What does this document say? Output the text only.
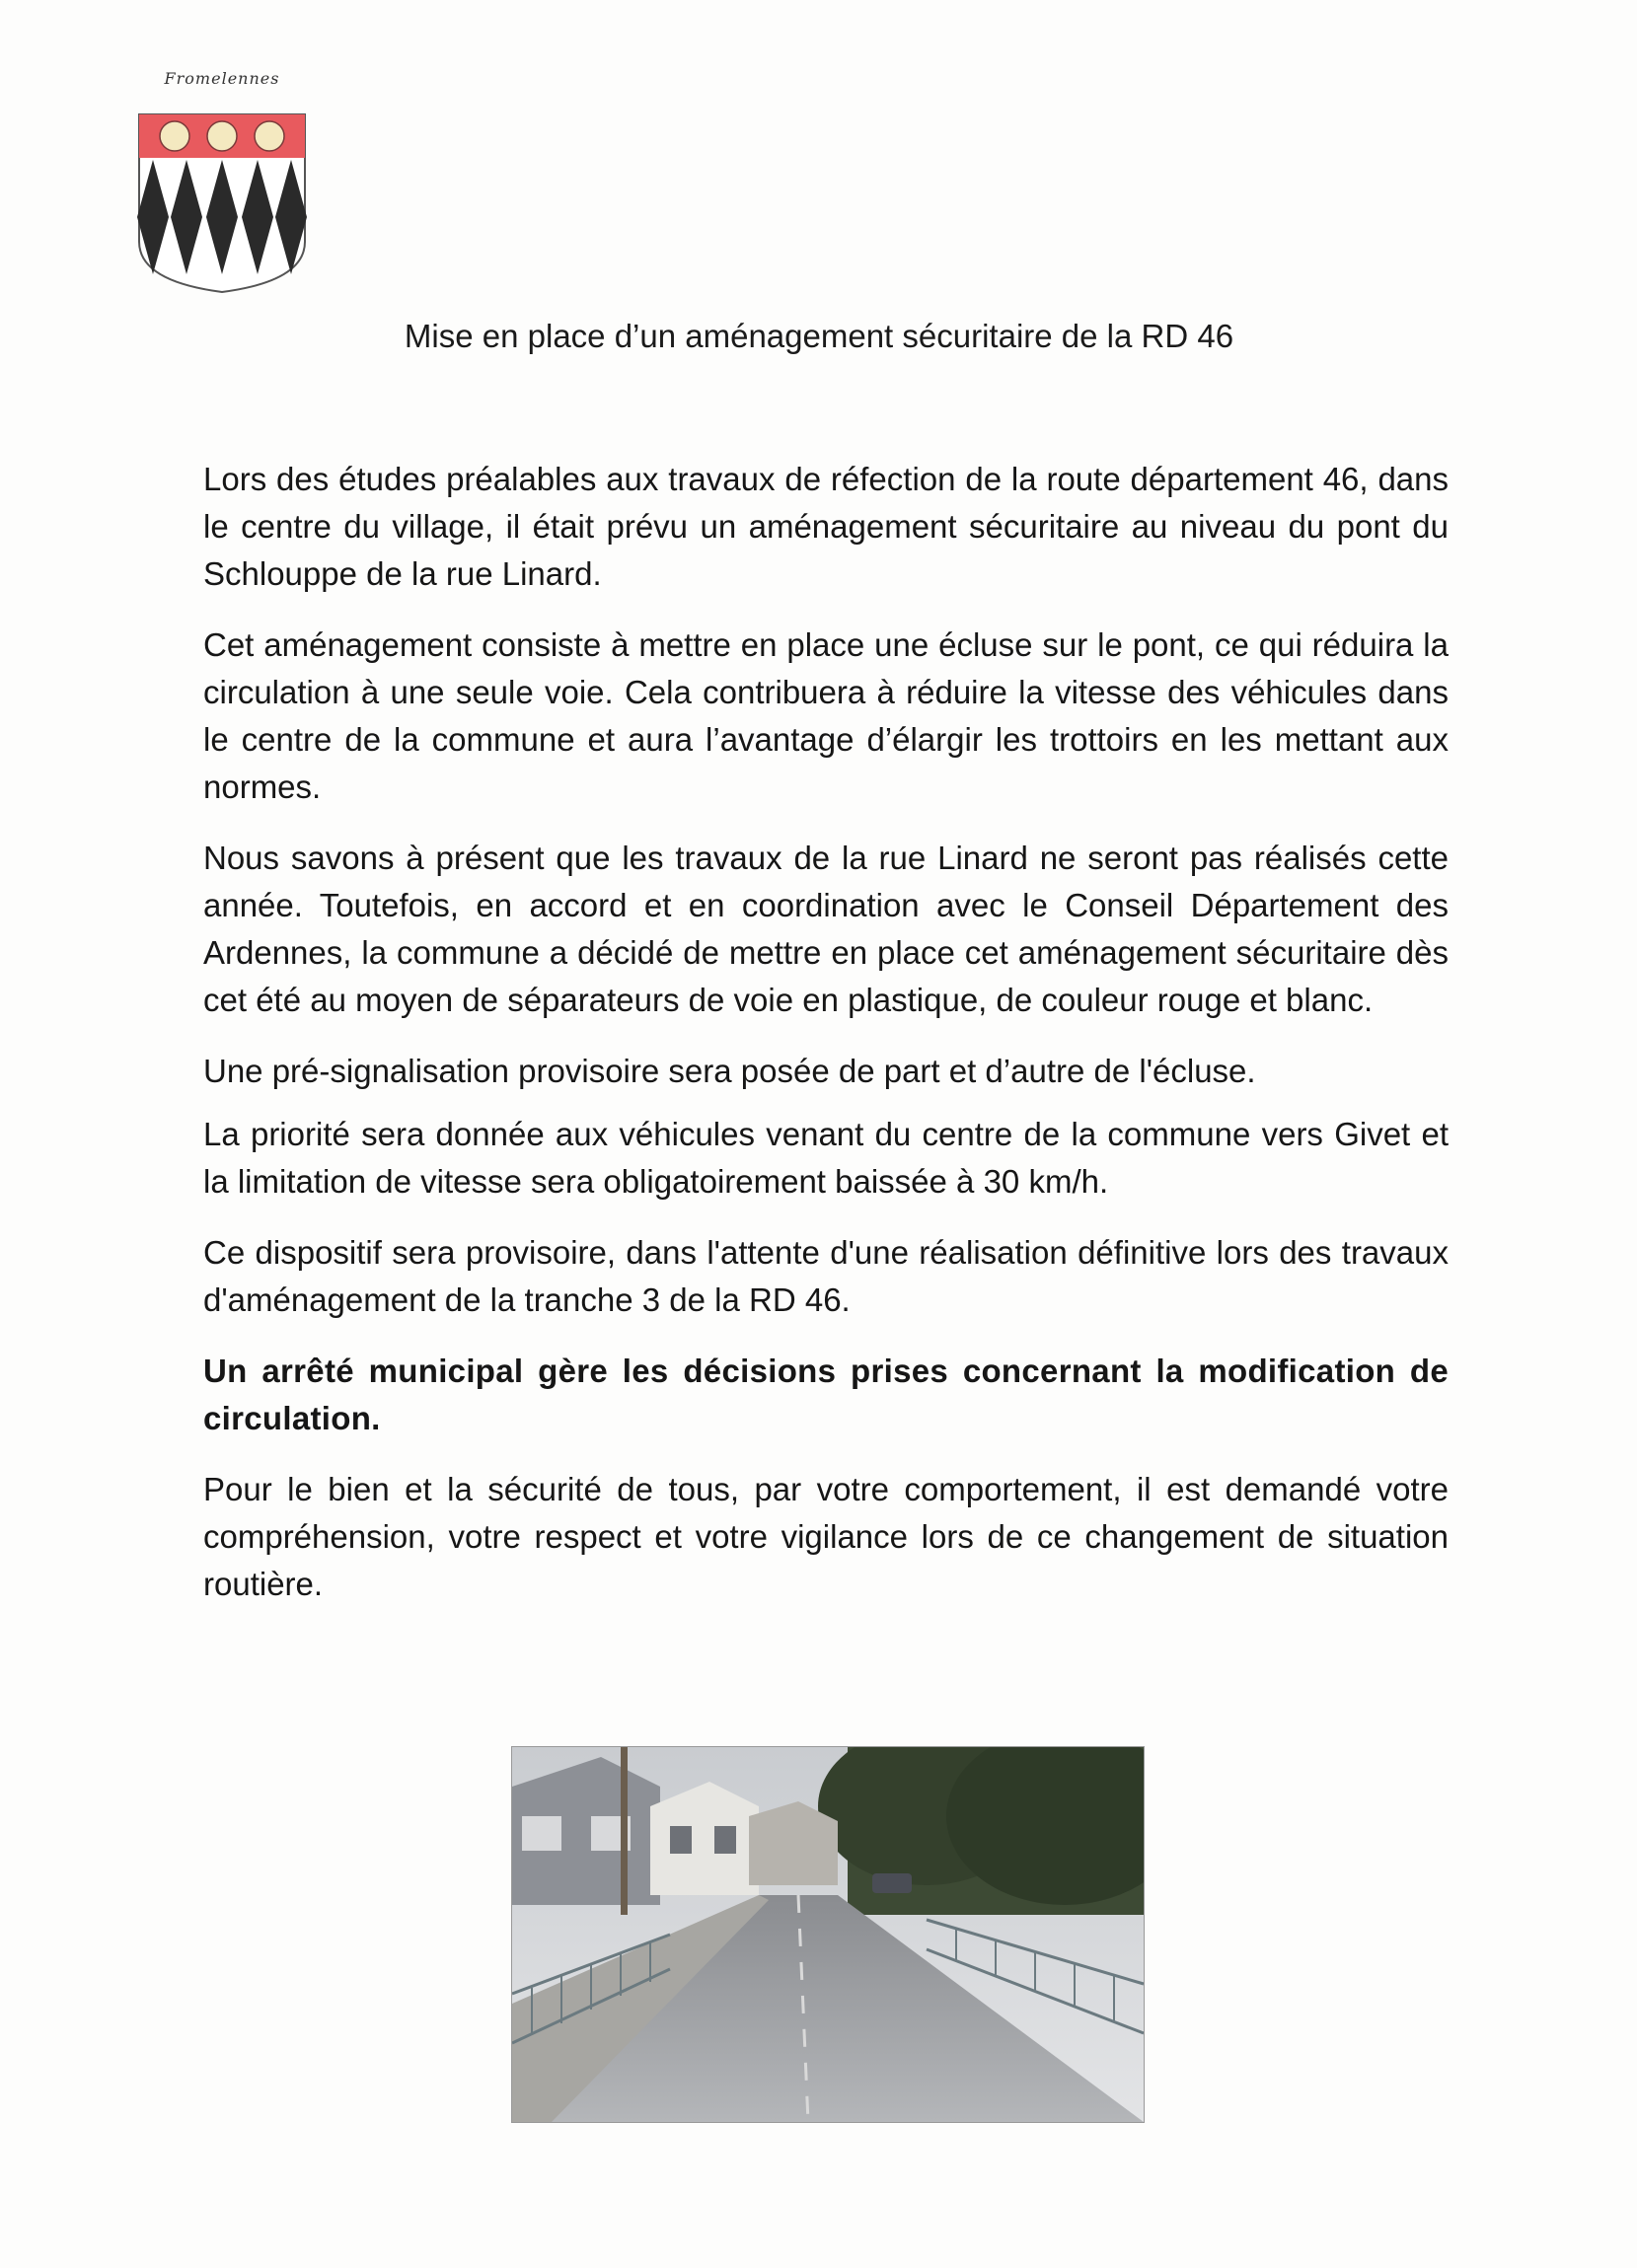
Fromelennes
Mise en place d’un aménagement sécuritaire de la RD 46

Lors des études préalables aux travaux de réfection de la route département 46, dans le centre du village, il était prévu un aménagement sécuritaire au niveau du pont du Schlouppe de la rue Linard.

Cet aménagement consiste à mettre en place une écluse sur le pont, ce qui réduira la circulation à une seule voie. Cela contribuera à réduire la vitesse des véhicules dans le centre de la commune et aura l’avantage d’élargir les trottoirs en les mettant aux normes.

Nous savons à présent que les travaux de la rue Linard ne seront pas réalisés cette année. Toutefois, en accord et en coordination avec le Conseil Département des Ardennes, la commune a décidé de mettre en place cet aménagement sécuritaire dès cet été au moyen de séparateurs de voie en plastique, de couleur rouge et blanc.

Une pré-signalisation provisoire sera posée de part et d’autre de l'écluse.

La priorité sera donnée aux véhicules venant du centre de la commune vers Givet et la limitation de vitesse sera obligatoirement baissée à 30 km/h.

Ce dispositif sera provisoire, dans l'attente d'une réalisation définitive lors des travaux d'aménagement de la tranche 3 de la RD 46.

Un arrêté municipal gère les décisions prises concernant la modification de circulation.

Pour le bien et la sécurité de tous, par votre comportement, il est demandé votre compréhension, votre respect et votre vigilance lors de ce changement de situation routière.
